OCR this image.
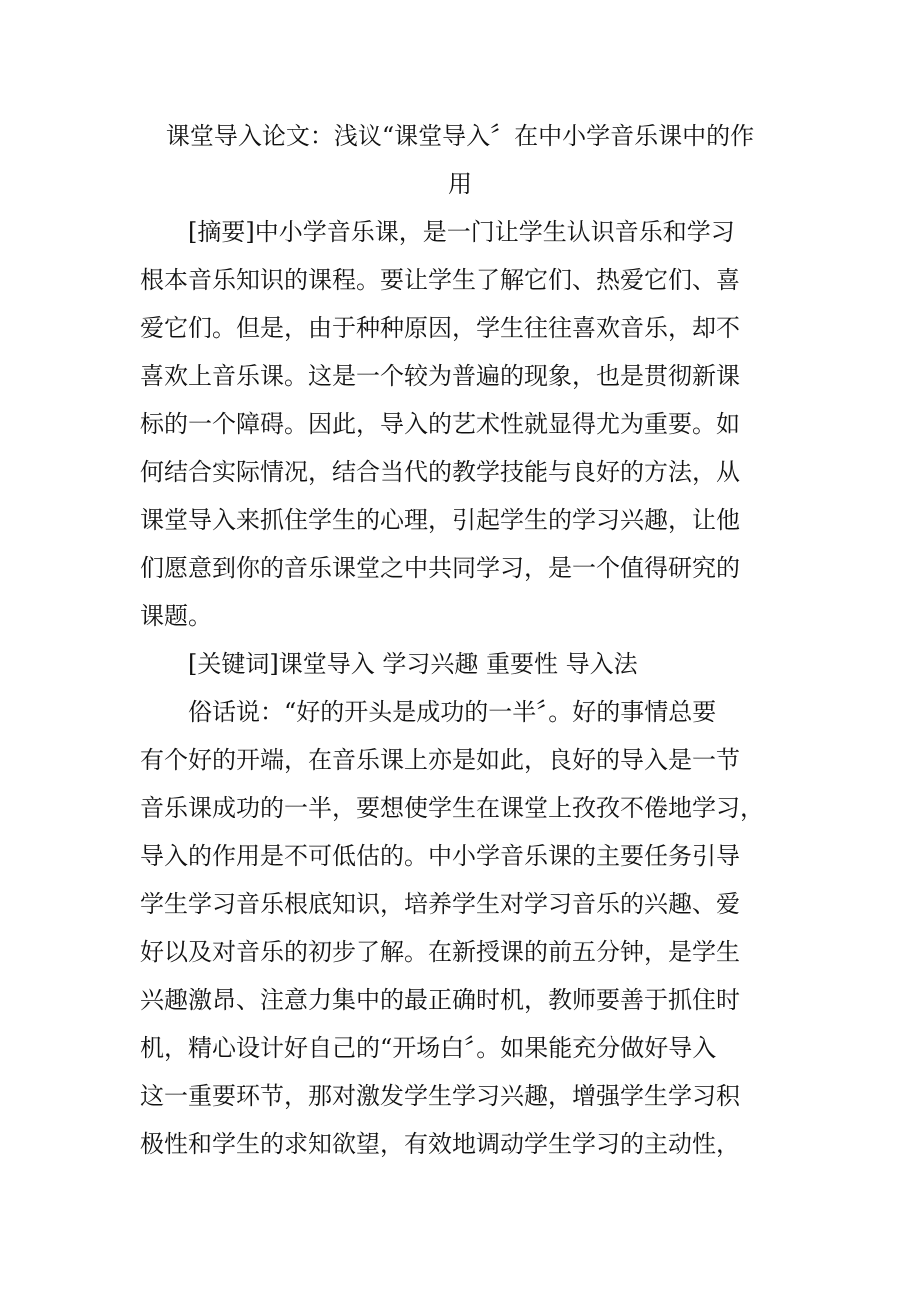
课堂导入论文：浅议“课堂导入〞在中小学音乐课中的作
用
[摘要]中小学音乐课，是一门让学生认识音乐和学习
根本音乐知识的课程。要让学生了解它们、热爱它们、喜
爱它们。但是，由于种种原因，学生往往喜欢音乐，却不
喜欢上音乐课。这是一个较为普遍的现象，也是贯彻新课
标的一个障碍。因此，导入的艺术性就显得尤为重要。如
何结合实际情况，结合当代的教学技能与良好的方法，从
课堂导入来抓住学生的心理，引起学生的学习兴趣，让他
们愿意到你的音乐课堂之中共同学习，是一个值得研究的
课题。
[关键词]课堂导入 学习兴趣 重要性 导入法
俗话说：“好的开头是成功的一半〞。好的事情总要
有个好的开端，在音乐课上亦是如此，良好的导入是一节
音乐课成功的一半，要想使学生在课堂上孜孜不倦地学习，
导入的作用是不可低估的。中小学音乐课的主要任务引导
学生学习音乐根底知识，培养学生对学习音乐的兴趣、爱
好以及对音乐的初步了解。在新授课的前五分钟，是学生
兴趣激昂、注意力集中的最正确时机，教师要善于抓住时
机，精心设计好自己的“开场白〞。如果能充分做好导入
这一重要环节，那对激发学生学习兴趣，增强学生学习积
极性和学生的求知欲望，有效地调动学生学习的主动性，
